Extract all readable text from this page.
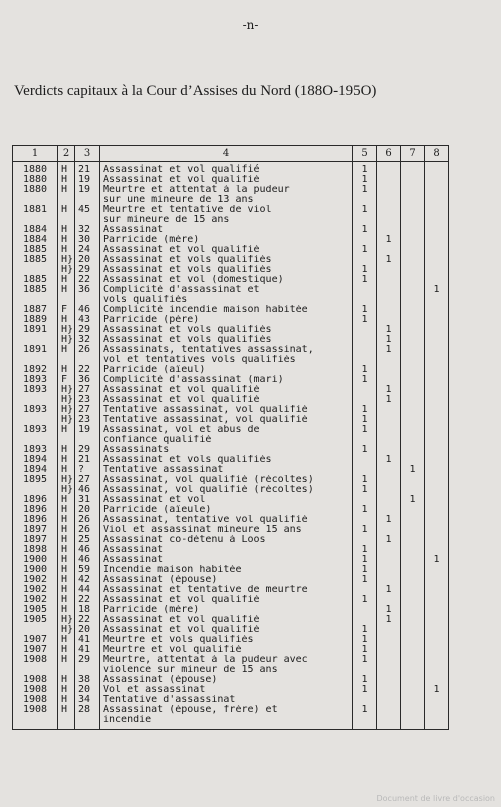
-n-
Verdicts capitaux à la Cour d’Assises du Nord (188O-195O)
1	2	3	4	5	6	7	8
1880	H	21	Assassinat et vol qualifié	1			
1880	H	19	Assassinat et vol qualifié	1			
1880	H	19	Meurtre et attentat à la pudeur	1			
			sur une mineure de 13 ans				
1881	H	45	Meurtre et tentative de viol	1			
			sur mineure de 15 ans				
1884	H	32	Assassinat	1			
1884	H	30	Parricide (mère)		1		
1885	H	24	Assassinat et vol qualifié	1			
1885	H}	20	Assassinat et vols qualifiés		1		
	H}	29	Assassinat et vols qualifiés	1			
1885	H	22	Assassinat et vol (domestique)	1			
1885	H	36	Complicité d'assassinat et				1
			vols qualifiés				
1887	F	46	Complicité incendie maison habitée	1			
1889	H	43	Parricide (père)	1			
1891	H}	29	Assassinat et vols qualifiés		1		
	H}	32	Assassinat et vols qualifiés		1		
1891	H	26	Assassinats, tentatives assassinat,		1		
			vol et tentatives vols qualifiés				
1892	H	22	Parricide (aïeul)	1			
1893	F	36	Complicité d'assassinat (mari)	1			
1893	H}	27	Assassinat et vol qualifié		1		
	H}	23	Assassinat et vol qualifié		1		
1893	H}	27	Tentative assassinat, vol qualifié	1			
	H}	23	Tentative assassinat, vol qualifié	1			
1893	H	19	Assassinat, vol et abus de	1			
			confiance qualifié				
1893	H	29	Assassinats	1			
1894	H	21	Assassinat et vols qualifiés		1		
1894	H	?	Tentative assassinat			1	
1895	H}	27	Assassinat, vol qualifié (récoltes)	1			
	H}	46	Assassinat, vol qualifié (récoltes)	1			
1896	H	31	Assassinat et vol			1	
1896	H	20	Parricide (aïeule)	1			
1896	H	26	Assassinat, tentative vol qualifié		1		
1897	H	26	Viol et assassinat mineure 15 ans	1			
1897	H	25	Assassinat co-détenu à Loos		1		
1898	H	46	Assassinat	1			
1900	H	46	Assassinat	1			1
1900	H	59	Incendie maison habitée	1			
1902	H	42	Assassinat (épouse)	1			
1902	H	44	Assassinat et tentative de meurtre		1		
1902	H	22	Assassinat et vol qualifié	1			
1905	H	18	Parricide (mère)		1		
1905	H}	22	Assassinat et vol qualifié		1		
	H}	20	Assassinat et vol qualifié	1			
1907	H	41	Meurtre et vols qualifiés	1			
1907	H	41	Meurtre et vol qualifié	1			
1908	H	29	Meurtre, attentat à la pudeur avec	1			
			violence sur mineur de 15 ans				
1908	H	38	Assassinat (épouse)	1			
1908	H	20	Vol et assassinat	1			1
1908	H	34	Tentative d'assassinat				
1908	H	28	Assassinat (épouse, frère) et	1			
			incendie				
Document de livre d'occasion
